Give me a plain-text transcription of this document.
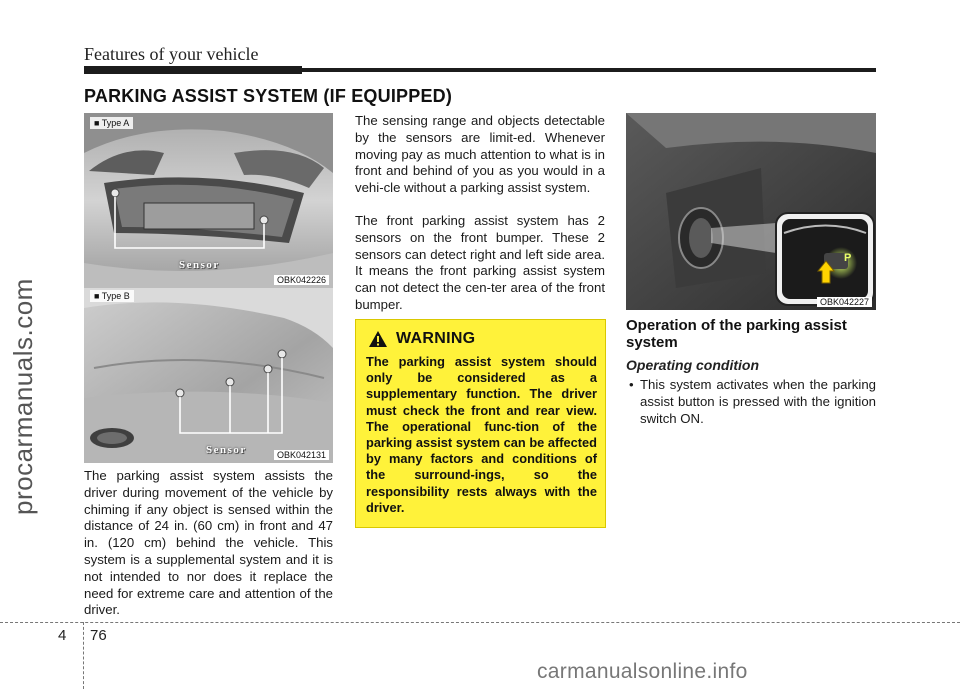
Features of your vehicle
procarmanuals.com
PARKING ASSIST SYSTEM (IF EQUIPPED)
■ Type A
Sensor
OBK042226
■ Type B
Sensor	OBK042131
The parking assist system assists the driver during movement of the vehicle by chiming if any object is sensed within the distance of 24 in. (60 cm) in front and 47 in. (120 cm) behind the vehicle. This system is a supplemental system and it is not intended to nor does it replace the need for extreme care and attention of the driver.
The sensing range and objects detectable by the sensors are limit-ed. Whenever moving pay as much attention to what is in front and behind of you as you would in a vehi-cle without a parking assist system.
The front parking assist system has 2 sensors on the front bumper. These 2 sensors can detect right and left side area. It means the front parking assist system can not detect the cen-ter area of the front bumper.
WARNING
The parking assist system should only be considered as a supplementary function. The driver must check the front and rear view. The operational func-tion of the parking assist system can be affected by many factors and conditions of the surround-ings, so the responsibility rests always with the driver.
P
OBK042227
Operation of the parking assist system
Operating condition
• This system activates when the parking assist button is pressed with the ignition switch ON.
4 76
carmanualsonline.info
